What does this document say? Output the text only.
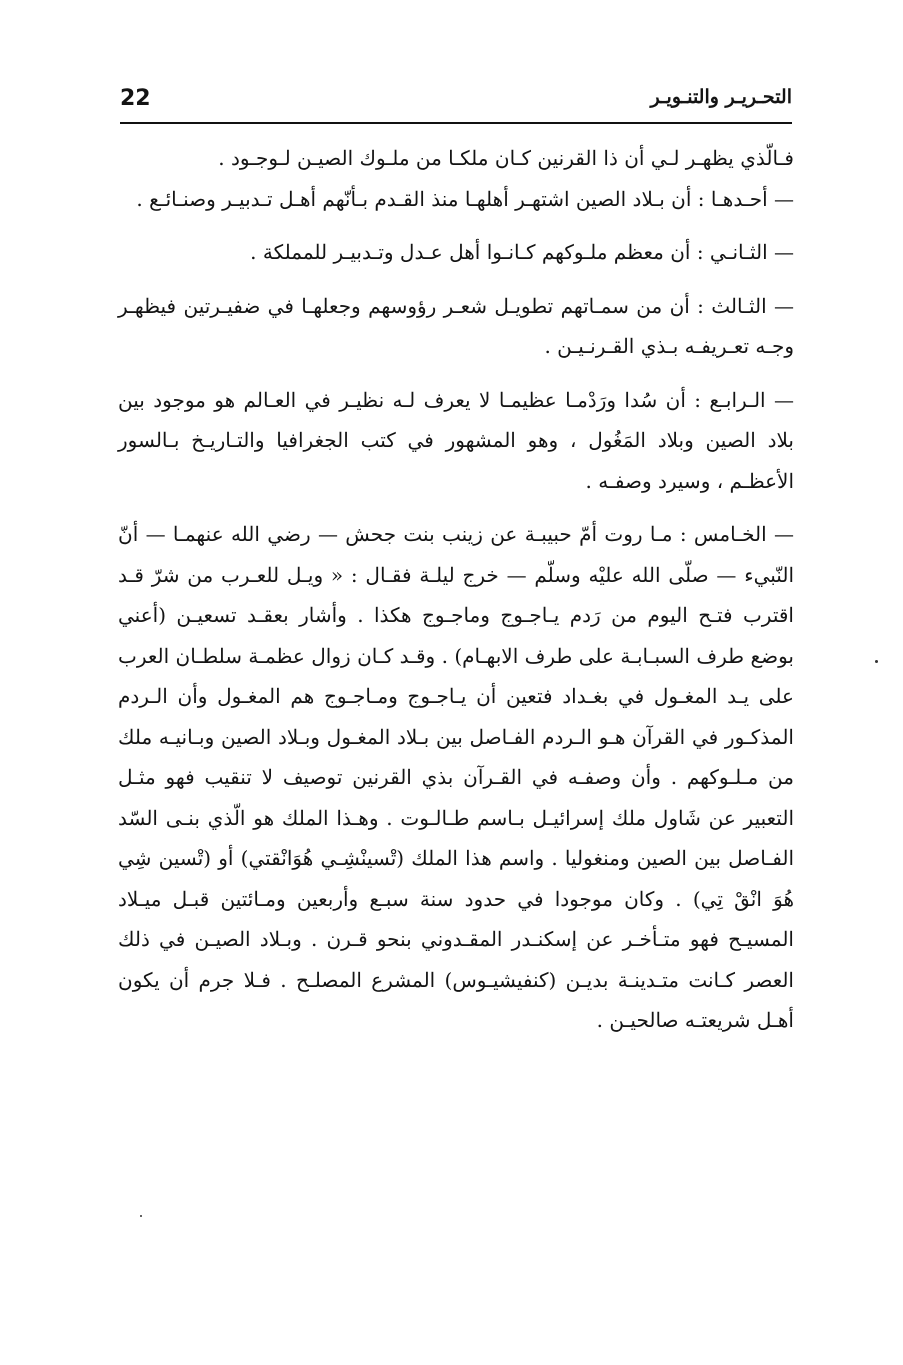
22	التحـريـر والتنـويـر

فـالّذي يظهـر لـي أن ذا القرنين كـان ملكـا من ملـوك الصيـن لـوجـود .

— أحـدهـا : أن بـلاد الصين اشتهـر أهلهـا منذ القـدم بـأنّهم أهـل تـدبيـر وصنـائـع .

— الثـانـي : أن معظم ملـوكهم كـانـوا أهل عـدل وتـدبيـر للمملكة .

— الثـالث : أن من سمـاتهم تطويـل شعـر رؤوسهم وجعلهـا في ضفيـرتين فيظهـر وجـه تعـريفـه بـذي القـرنـيـن .

— الـرابـع : أن سُدا ورَدْمـا عظيمـا لا يعرف لـه نظيـر في العـالم هو موجود بين بلاد الصين وبلاد المَغُول ، وهو المشهور في كتب الجغرافيا والتـاريـخ بـالسور الأعظـم ، وسيرد وصفـه .

— الخـامس : مـا روت أمّ حبيبـة عن زينب بنت جحش — رضي الله عنهمـا — أنّ النّبيء — صلّى الله عليْه وسلّم — خرج ليلـة فقـال : « ويـل للعـرب من شرّ قـد اقترب فتـح اليوم من رَدم يـاجـوج وماجـوج هكذا . وأشار بعقـد تسعيـن (أعني بوضع طرف السبـابـة على طرف الابهـام) . وقـد كـان زوال عظمـة سلطـان العرب على يـد المغـول في بغـداد فتعين أن يـاجـوج ومـاجـوج هم المغـول وأن الـردم المذكـور في القرآن هـو الـردم الفـاصل بين بـلاد المغـول وبـلاد الصين وبـانيـه ملك من مـلـوكهم . وأن وصفـه في القـرآن بذي القرنين توصيف لا تنقيب فهو مثـل التعبير عن شَاول ملك إسرائيـل بـاسم طـالـوت . وهـذا الملك هو الّذي بنـى السّد الفـاصل بين الصين ومنغوليا . واسم هذا الملك (تْسينْشِـي هُوَانْقتي) أو (تْسين شِي هُوَ انْقْ تِي) . وكان موجودا في حدود سنة سبـع وأربعين ومـائتين قبـل ميـلاد المسيـح فهو متـأخـر عن إسكنـدر المقـدوني بنحو قـرن . وبـلاد الصيـن في ذلك العصر كـانت متـدينـة بديـن (كنفيشيـوس) المشرع المصلـح . فـلا جرم أن يكون أهـل شريعتـه صالحيـن .
